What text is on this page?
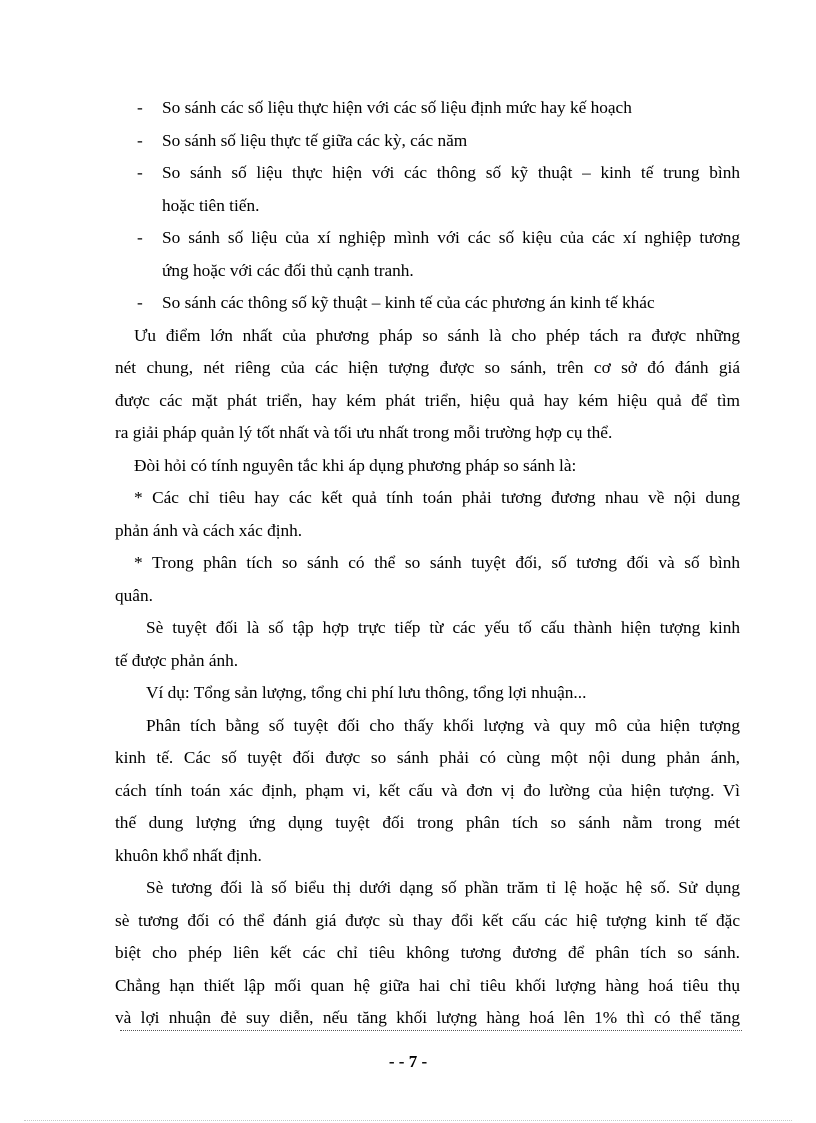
- So sánh các số liệu thực hiện với các số liệu định mức hay kế hoạch
- So sánh số liệu thực tế giữa các kỳ, các năm
- So sánh số liệu thực hiện với các thông số kỹ thuật – kinh tế trung bình
hoặc tiên tiến.
- So sánh số liệu của xí nghiệp mình với các số kiệu của các xí nghiệp tương
ứng hoặc với các đối thủ cạnh tranh.
- So sánh các thông số kỹ thuật – kinh tế của các phương án kinh tế khác
Ưu điểm lớn nhất của phương pháp so sánh là cho phép tách ra được những
nét chung, nét riêng của các hiện tượng được so sánh, trên cơ sở đó đánh giá
được các mặt phát triển, hay kém phát triển, hiệu quả hay kém hiệu quả để tìm
ra giải pháp quản lý tốt nhất và tối ưu nhất trong mỗi trường hợp cụ thể.
Đòi hỏi có tính nguyên tắc khi áp dụng phương pháp so sánh là:
* Các chỉ tiêu hay các kết quả tính toán phải tương đương nhau về nội dung
phản ánh và cách xác định.
* Trong phân tích so sánh có thể so sánh tuyệt đối, số tương đối và số bình
quân.
Sè tuyệt đối là số tập hợp trực tiếp từ các yếu tố cấu thành hiện tượng kinh
tế được phản ánh.
Ví dụ: Tổng sản lượng, tổng chi phí lưu thông, tổng lợi nhuận...
Phân tích bằng số tuyệt đối cho thấy khối lượng và quy mô của hiện tượng
kinh tế. Các số tuyệt đối được so sánh phải có cùng một nội dung phản ánh,
cách tính toán xác định, phạm vi, kết cấu và đơn vị đo lường của hiện tượng. Vì
thế dung lượng ứng dụng tuyệt đối trong phân tích so sánh nằm trong mét
khuôn khổ nhất định.
Sè tương đối là số biểu thị dưới dạng số phần trăm tỉ lệ hoặc hệ số. Sử dụng
sè tương đối có thể đánh giá được sù thay đổi kết cấu các hiệ tượng kinh tế đặc
biệt cho phép liên kết các chỉ tiêu không tương đương để phân tích so sánh.
Chẳng hạn thiết lập mối quan hệ giữa hai chỉ tiêu khối lượng hàng hoá tiêu thụ
và lợi nhuận đẻ suy diễn, nếu tăng khối lượng hàng hoá lên 1% thì có thể tăng
- - 7 -
